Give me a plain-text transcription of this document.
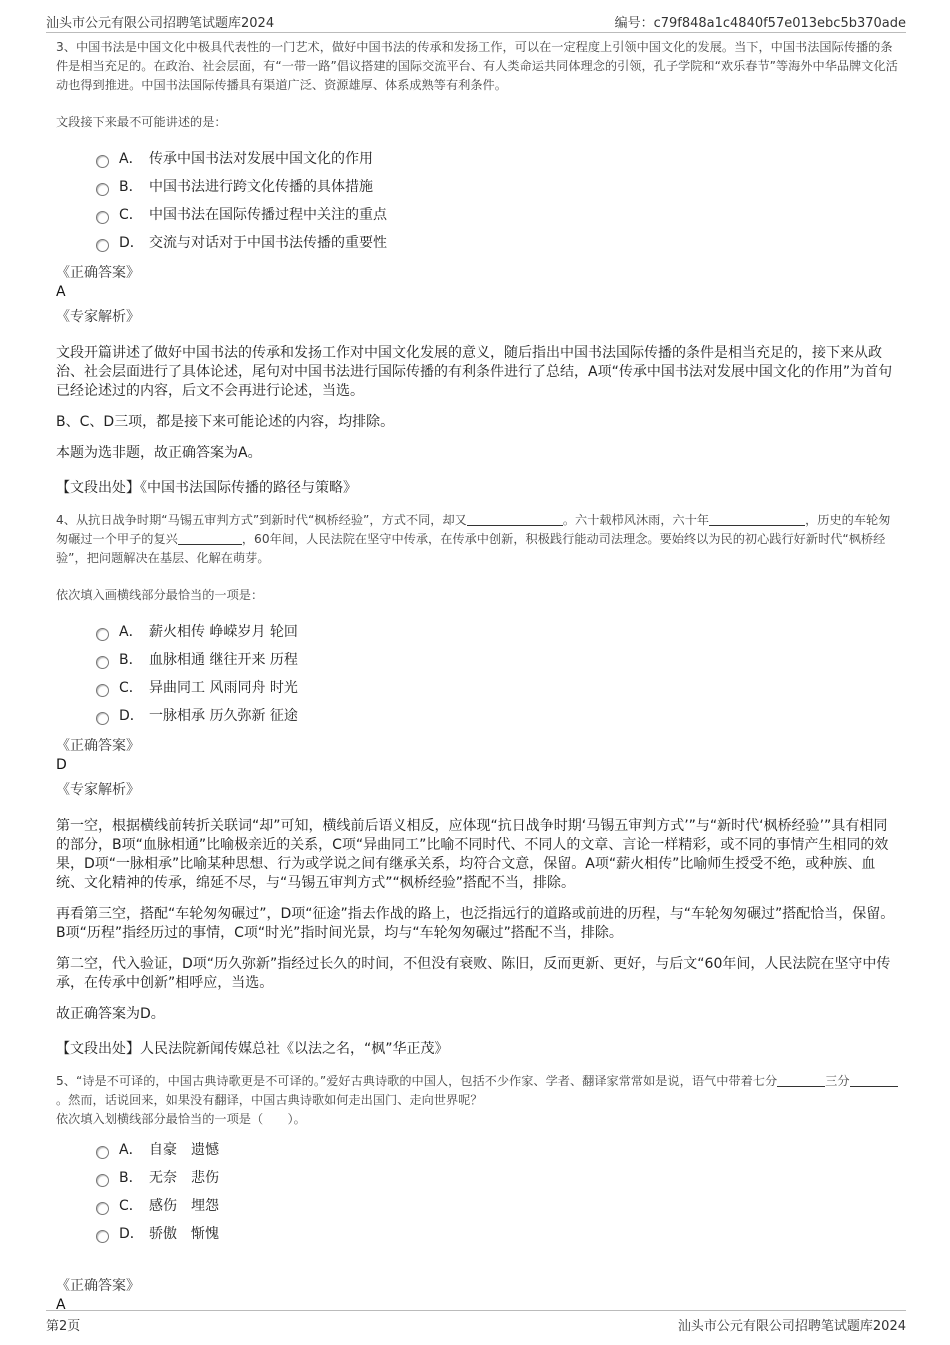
汕头市公元有限公司招聘笔试题库2024	编号：c79f848a1c4840f57e013ebc5b370ade
3、中国书法是中国文化中极具代表性的一门艺术，做好中国书法的传承和发扬工作，可以在一定程度上引领中国文化的发展。当下，中国书法国际传播的条件是相当充足的。在政治、社会层面，有“一带一路”倡议搭建的国际交流平台、有人类命运共同体理念的引领，孔子学院和“欢乐春节”等海外中华品牌文化活动也得到推进。中国书法国际传播具有渠道广泛、资源雄厚、体系成熟等有利条件。
文段接下来最不可能讲述的是：
A． 传承中国书法对发展中国文化的作用
B． 中国书法进行跨文化传播的具体措施
C． 中国书法在国际传播过程中关注的重点
D． 交流与对话对于中国书法传播的重要性
《正确答案》
A
《专家解析》
文段开篇讲述了做好中国书法的传承和发扬工作对中国文化发展的意义，随后指出中国书法国际传播的条件是相当充足的，接下来从政治、社会层面进行了具体论述，尾句对中国书法进行国际传播的有利条件进行了总结，A项“传承中国书法对发展中国文化的作用”为首句已经论述过的内容，后文不会再进行论述，当选。
B、C、D三项，都是接下来可能论述的内容，均排除。
本题为选非题，故正确答案为A。
【文段出处】《中国书法国际传播的路径与策略》
4、从抗日战争时期“马锡五审判方式”到新时代“枫桥经验”，方式不同，却又	。六十载栉风沐雨，六十年	，历史的车轮匆匆碾过一个甲子的复兴	，60年间，人民法院在坚守中传承，在传承中创新，积极践行能动司法理念。要始终以为民的初心践行好新时代“枫桥经验”，把问题解决在基层、化解在萌芽。
依次填入画横线部分最恰当的一项是：
A． 薪火相传 峥嵘岁月 轮回
B． 血脉相通 继往开来 历程
C． 异曲同工 风雨同舟 时光
D． 一脉相承 历久弥新 征途
《正确答案》
D
《专家解析》
第一空，根据横线前转折关联词“却”可知，横线前后语义相反，应体现“抗日战争时期‘马锡五审判方式’”与“新时代‘枫桥经验’”具有相同的部分，B项“血脉相通”比喻极亲近的关系，C项“异曲同工”比喻不同时代、不同人的文章、言论一样精彩，或不同的事情产生相同的效果，D项“一脉相承”比喻某种思想、行为或学说之间有继承关系，均符合文意，保留。A项“薪火相传”比喻师生授受不绝，或种族、血统、文化精神的传承，绵延不尽，与“马锡五审判方式”“枫桥经验”搭配不当，排除。
再看第三空，搭配“车轮匆匆碾过”，D项“征途”指去作战的路上，也泛指远行的道路或前进的历程，与“车轮匆匆碾过”搭配恰当，保留。B项“历程”指经历过的事情，C项“时光”指时间光景，均与“车轮匆匆碾过”搭配不当，排除。
第二空，代入验证，D项“历久弥新”指经过长久的时间，不但没有衰败、陈旧，反而更新、更好，与后文“60年间，人民法院在坚守中传承，在传承中创新”相呼应，当选。
故正确答案为D。
【文段出处】人民法院新闻传媒总社《以法之名，“枫”华正茂》
5、“诗是不可译的，中国古典诗歌更是不可译的。”爱好古典诗歌的中国人，包括不少作家、学者、翻译家常常如是说，语气中带着七分	三分。然而，话说回来，如果没有翻译，中国古典诗歌如何走出国门、走向世界呢？
依次填入划横线部分最恰当的一项是（　　）。
A． 自豪　遗憾
B． 无奈　悲伤
C． 感伤　埋怨
D． 骄傲　惭愧
《正确答案》
A
第2页	汕头市公元有限公司招聘笔试题库2024
